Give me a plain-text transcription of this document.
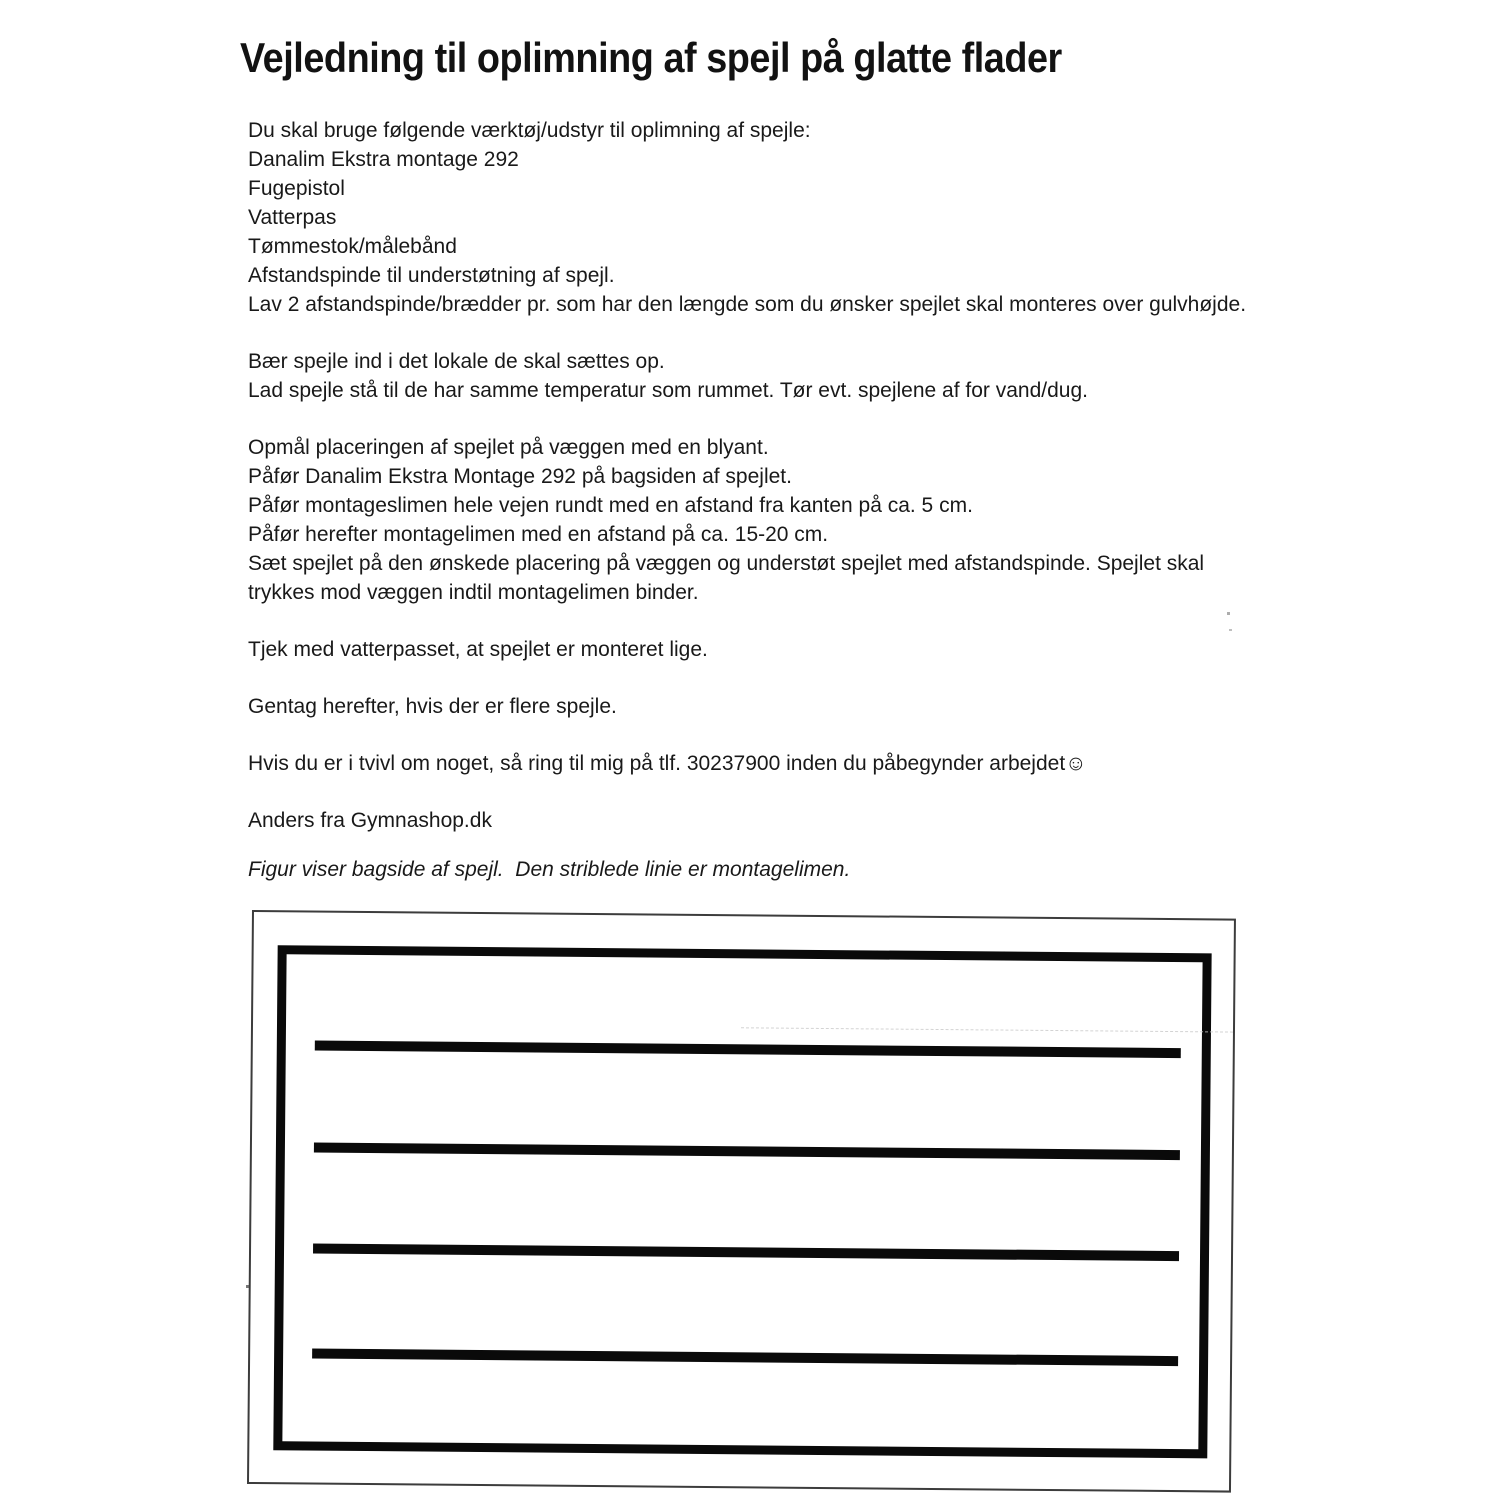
Vejledning til oplimning af spejl på glatte flader
Du skal bruge følgende værktøj/udstyr til oplimning af spejle:
Danalim Ekstra montage 292
Fugepistol
Vatterpas
Tømmestok/målebånd
Afstandspinde til understøtning af spejl.
Lav 2 afstandspinde/brædder pr. som har den længde som du ønsker spejlet skal monteres over gulvhøjde.
Bær spejle ind i det lokale de skal sættes op.
Lad spejle stå til de har samme temperatur som rummet. Tør evt. spejlene af for vand/dug.
Opmål placeringen af spejlet på væggen med en blyant.
Påfør Danalim Ekstra Montage 292 på bagsiden af spejlet.
Påfør montageslimen hele vejen rundt med en afstand fra kanten på ca. 5 cm.
Påfør herefter montagelimen med en afstand på ca. 15-20 cm.
Sæt spejlet på den ønskede placering på væggen og understøt spejlet med afstandspinde. Spejlet skal
trykkes mod væggen indtil montagelimen binder.
Tjek med vatterpasset, at spejlet er monteret lige.
Gentag herefter, hvis der er flere spejle.
Hvis du er i tvivl om noget, så ring til mig på tlf. 30237900 inden du påbegynder arbejdet☺
Anders fra Gymnashop.dk
Figur viser bagside af spejl.  Den striblede linie er montagelimen.
